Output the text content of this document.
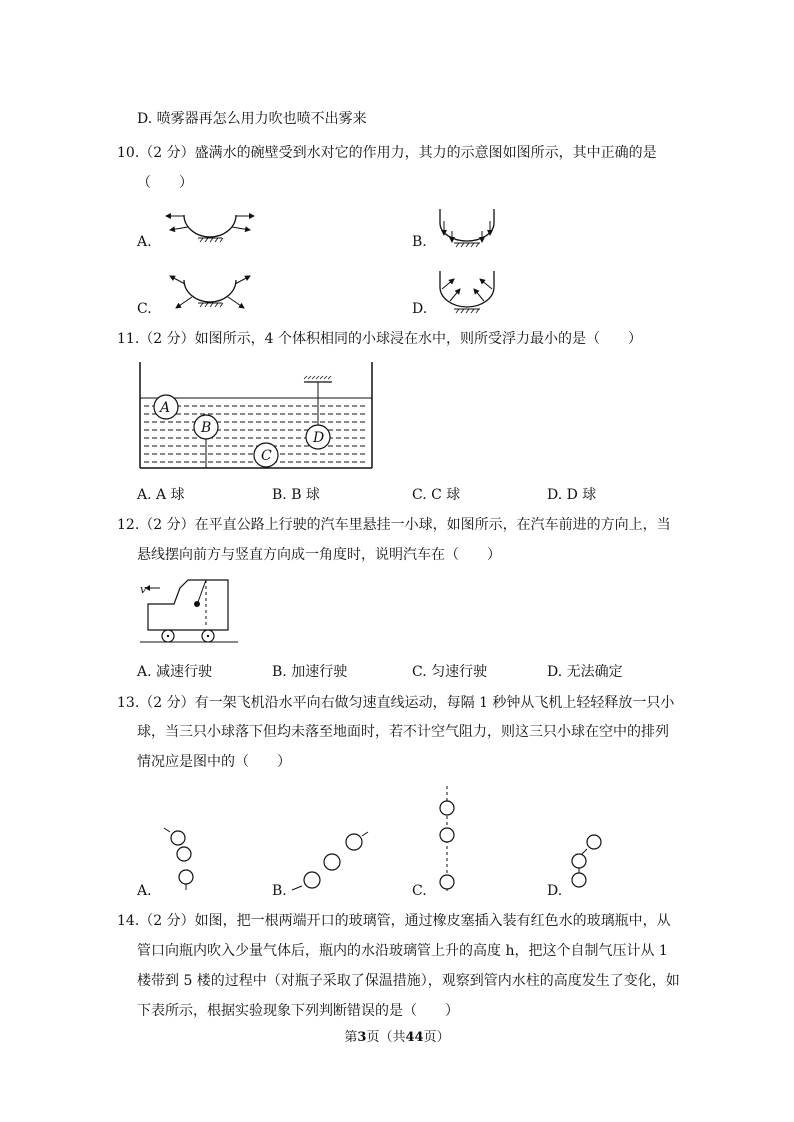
D. 喷雾器再怎么用力吹也喷不出雾来
10.（2 分）盛满水的碗壁受到水对它的作用力，其力的示意图如图所示，其中正确的是
（　　）
A.	B.
C.	D.
11.（2 分）如图所示，4 个体积相同的小球浸在水中，则所受浮力最小的是（　　）
A
B
C
D
A. A 球	B. B 球	C. C 球	D. D 球
12.（2 分）在平直公路上行驶的汽车里悬挂一小球，如图所示，在汽车前进的方向上，当
悬线摆向前方与竖直方向成一角度时，说明汽车在（　　）
v
A. 减速行驶	B. 加速行驶	C. 匀速行驶	D. 无法确定
13.（2 分）有一架飞机沿水平向右做匀速直线运动，每隔 1 秒钟从飞机上轻轻释放一只小
球，当三只小球落下但均未落至地面时，若不计空气阻力，则这三只小球在空中的排列
情况应是图中的（　　）
A.	B.	C.	D.
14.（2 分）如图，把一根两端开口的玻璃管，通过橡皮塞插入装有红色水的玻璃瓶中，从
管口向瓶内吹入少量气体后，瓶内的水沿玻璃管上升的高度 h，把这个自制气压计从 1
楼带到 5 楼的过程中（对瓶子采取了保温措施），观察到管内水柱的高度发生了变化，如
下表所示，根据实验现象下列判断错误的是（　　）
第3页（共44页）
